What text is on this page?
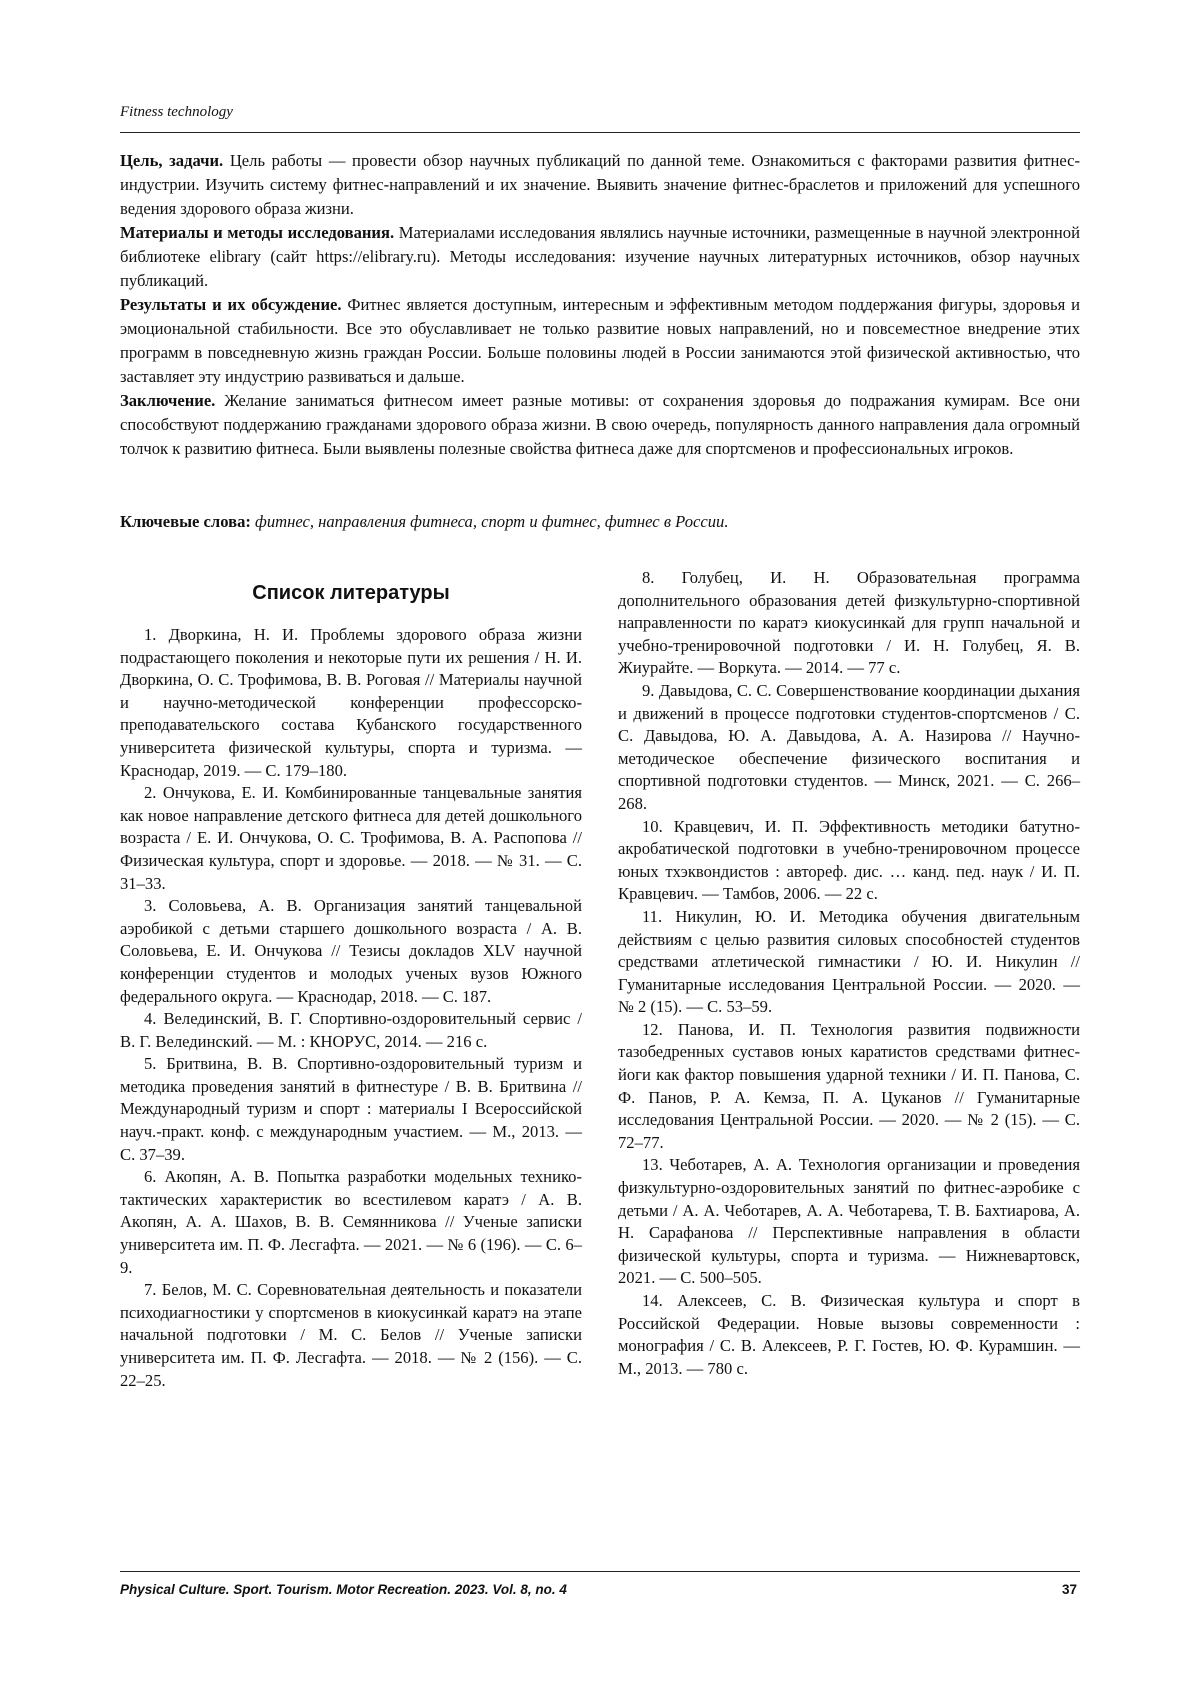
Fitness technology

Цель, задачи. Цель работы — провести обзор научных публикаций по данной теме. Ознакомиться с факторами развития фитнес-индустрии. Изучить систему фитнес-направлений и их значение. Выявить значение фитнес-браслетов и приложений для успешного ведения здорового образа жизни.

Материалы и методы исследования. Материалами исследования являлись научные источники, размещенные в научной электронной библиотеке elibrary (сайт https://elibrary.ru). Методы исследования: изучение научных литературных источников, обзор научных публикаций.

Результаты и их обсуждение. Фитнес является доступным, интересным и эффективным методом поддержания фигуры, здоровья и эмоциональной стабильности. Все это обуславливает не только развитие новых направлений, но и повсеместное внедрение этих программ в повседневную жизнь граждан России. Больше половины людей в России занимаются этой физической активностью, что заставляет эту индустрию развиваться и дальше.

Заключение. Желание заниматься фитнесом имеет разные мотивы: от сохранения здоровья до подражания кумирам. Все они способствуют поддержанию гражданами здорового образа жизни. В свою очередь, популярность данного направления дала огромный толчок к развитию фитнеса. Были выявлены полезные свойства фитнеса даже для спортсменов и профессиональных игроков.

Ключевые слова: фитнес, направления фитнеса, спорт и фитнес, фитнес в России.
Список литературы

1. Дворкина, Н. И. Проблемы здорового образа жизни подрастающего поколения и некоторые пути их решения / Н. И. Дворкина, О. С. Трофимова, В. В. Роговая // Материалы научной и научно-методической конференции профессорско-преподавательского состава Кубанского государственного университета физической культуры, спорта и туризма. — Краснодар, 2019. — С. 179–180.

2. Ончукова, Е. И. Комбинированные танцевальные занятия как новое направление детского фитнеса для детей дошкольного возраста / Е. И. Ончукова, О. С. Трофимова, В. А. Распопова // Физическая культура, спорт и здоровье. — 2018. — № 31. — С. 31–33.

3. Соловьева, А. В. Организация занятий танцевальной аэробикой с детьми старшего дошкольного возраста / А. В. Соловьева, Е. И. Ончукова // Тезисы докладов XLV научной конференции студентов и молодых ученых вузов Южного федерального округа. — Краснодар, 2018. — С. 187.

4. Велединский, В. Г. Спортивно-оздоровительный сервис / В. Г. Велединский. — М. : КНОРУС, 2014. — 216 с.

5. Бритвина, В. В. Спортивно-оздоровительный туризм и методика проведения занятий в фитнестуре / В. В. Бритвина // Международный туризм и спорт : материалы I Всероссийской науч.-практ. конф. с международным участием. — М., 2013. — С. 37–39.

6. Акопян, А. В. Попытка разработки модельных технико-тактических характеристик во всестилевом каратэ / А. В. Акопян, А. А. Шахов, В. В. Семянникова // Ученые записки университета им. П. Ф. Лесгафта. — 2021. — № 6 (196). — С. 6–9.

7. Белов, М. С. Соревновательная деятельность и показатели психодиагностики у спортсменов в киокусинкай каратэ на этапе начальной подготовки / М. С. Белов // Ученые записки университета им. П. Ф. Лесгафта. — 2018. — № 2 (156). — С. 22–25.

8. Голубец, И. Н. Образовательная программа дополнительного образования детей физкультурно-спортивной направленности по каратэ киокусинкай для групп начальной и учебно-тренировочной подготовки / И. Н. Голубец, Я. В. Жиурайте. — Воркута. — 2014. — 77 с.

9. Давыдова, С. С. Совершенствование координации дыхания и движений в процессе подготовки студентов-спортсменов / С. С. Давыдова, Ю. А. Давыдова, А. А. Назирова // Научно-методическое обеспечение физического воспитания и спортивной подготовки студентов. — Минск, 2021. — С. 266–268.

10. Кравцевич, И. П. Эффективность методики батутно-акробатической подготовки в учебно-тренировочном процессе юных тхэквондистов : автореф. дис. … канд. пед. наук / И. П. Кравцевич. — Тамбов, 2006. — 22 с.

11. Никулин, Ю. И. Методика обучения двигательным действиям с целью развития силовых способностей студентов средствами атлетической гимнастики / Ю. И. Никулин // Гуманитарные исследования Центральной России. — 2020. — № 2 (15). — С. 53–59.

12. Панова, И. П. Технология развития подвижности тазобедренных суставов юных каратистов средствами фитнес-йоги как фактор повышения ударной техники / И. П. Панова, С. Ф. Панов, Р. А. Кемза, П. А. Цуканов // Гуманитарные исследования Центральной России. — 2020. — № 2 (15). — С. 72–77.

13. Чеботарев, А. А. Технология организации и проведения физкультурно-оздоровительных занятий по фитнес-аэробике с детьми / А. А. Чеботарев, А. А. Чеботарева, Т. В. Бахтиарова, А. Н. Сарафанова // Перспективные направления в области физической культуры, спорта и туризма. — Нижневартовск, 2021. — С. 500–505.

14. Алексеев, С. В. Физическая культура и спорт в Российской Федерации. Новые вызовы современности : монография / С. В. Алексеев, Р. Г. Гостев, Ю. Ф. Курамшин. — М., 2013. — 780 с.

Physical Culture. Sport. Tourism. Motor Recreation. 2023. Vol. 8, no. 4	37
